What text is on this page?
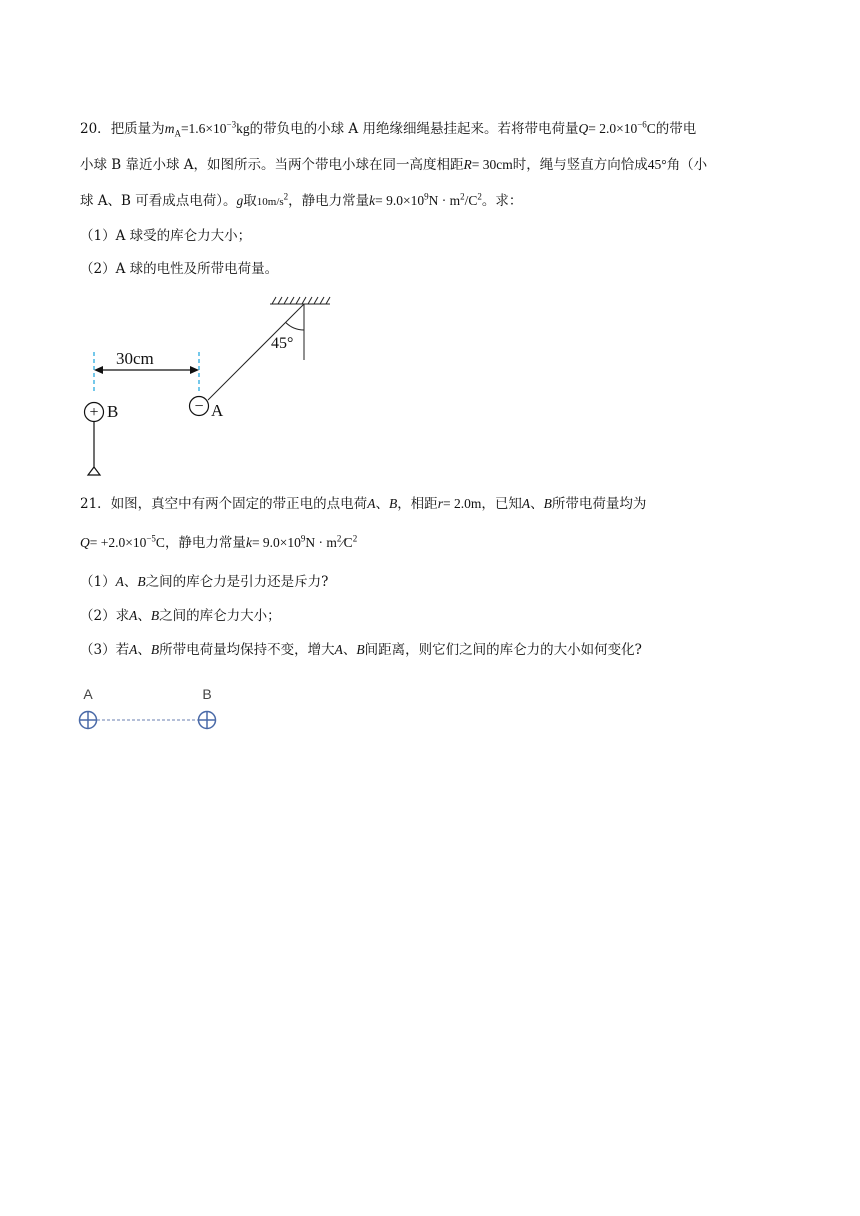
20．把质量为$m_A=1.6\times 10^{-3}kg$的带负电的小球 A 用绝缘细绳悬挂起来。若将带电荷量$Q= 2.0\times 10^{-6}C$的带电
小球 B 靠近小球 A，如图所示。当两个带电小球在同一高度相距R= 30cm时，绳与竖直方向恰成45°角（小
球 A、B 可看成点电荷）。g取$10m/s^2$，静电力常量$k= 9.0\times 10^9N \cdot m^2/C^2$。求：
（1）A 球受的库仑力大小；
（2）A 球的电性及所带电荷量。
45°
30cm
− A
+ B
21．如图，真空中有两个固定的带正电的点电荷A、B，相距r= 2.0m，已知A、B所带电荷量均为
$Q= +2.0\times 10^{-5}C$，静电力常量$k= 9.0\times 10^9N$ · $m^2⁄C^2$
（1）A、B之间的库仑力是引力还是斥力?
（2）求A、B之间的库仑力大小；
（3）若A、B所带电荷量均保持不变，增大A、B间距离，则它们之间的库仑力的大小如何变化?
A	B
